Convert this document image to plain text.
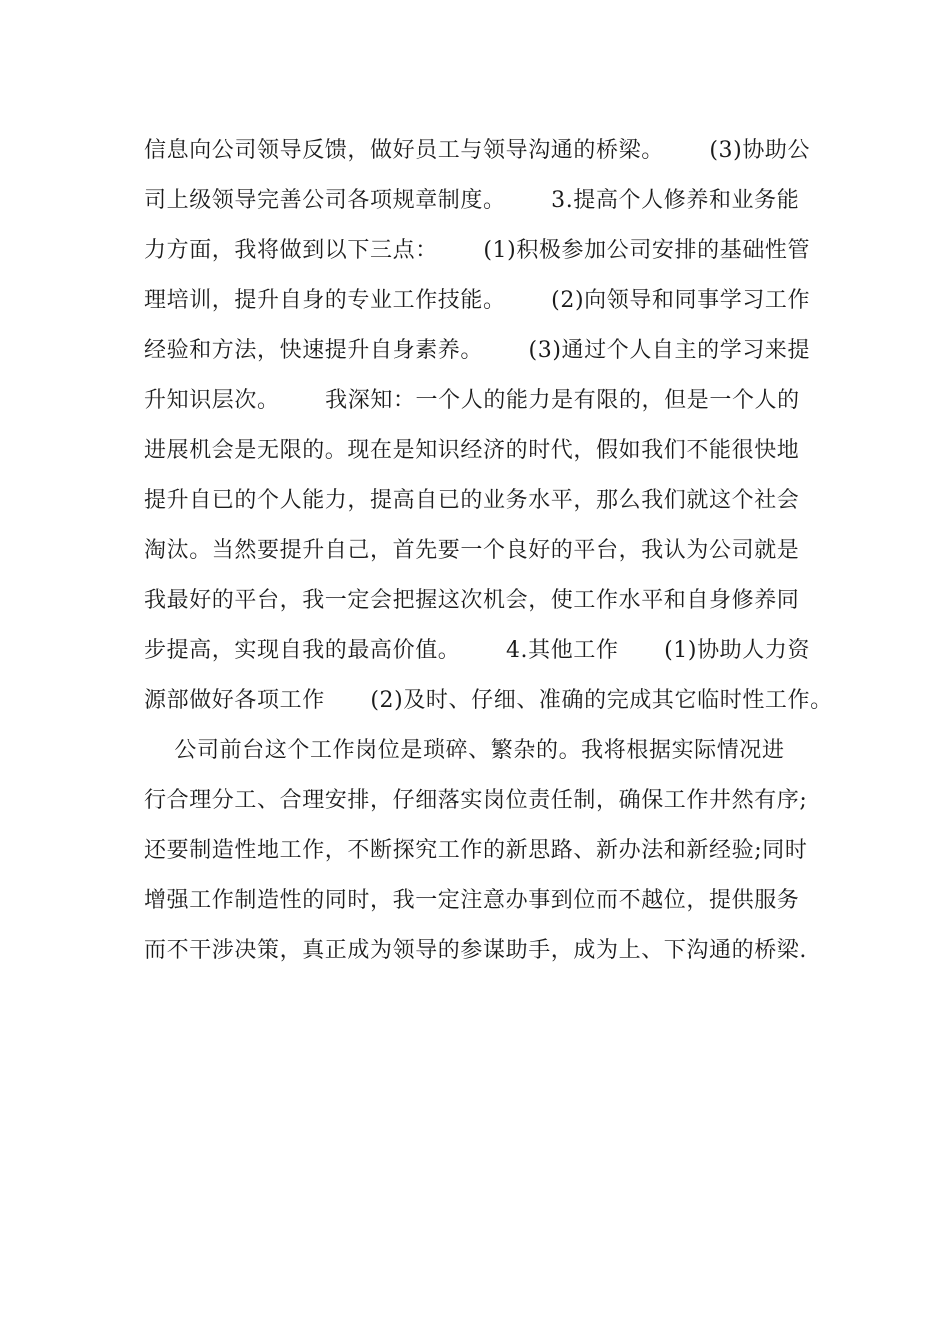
信息向公司领导反馈，做好员工与领导沟通的桥梁。      (3)协助公
司上级领导完善公司各项规章制度。      3.提高个人修养和业务能
力方面，我将做到以下三点：      (1)积极参加公司安排的基础性管
理培训，提升自身的专业工作技能。      (2)向领导和同事学习工作
经验和方法，快速提升自身素养。      (3)通过个人自主的学习来提
升知识层次。      我深知：一个人的能力是有限的，但是一个人的
进展机会是无限的。现在是知识经济的时代，假如我们不能很快地
提升自已的个人能力，提高自已的业务水平，那么我们就这个社会
淘汰。当然要提升自己，首先要一个良好的平台，我认为公司就是
我最好的平台，我一定会把握这次机会，使工作水平和自身修养同
步提高，实现自我的最高价值。      4.其他工作      (1)协助人力资
源部做好各项工作      (2)及时、仔细、准确的完成其它临时性工作。
公司前台这个工作岗位是琐碎、繁杂的。我将根据实际情况进
行合理分工、合理安排，仔细落实岗位责任制，确保工作井然有序;
还要制造性地工作，不断探究工作的新思路、新办法和新经验;同时
增强工作制造性的同时，我一定注意办事到位而不越位，提供服务
而不干涉决策，真正成为领导的参谋助手，成为上、下沟通的桥梁.
